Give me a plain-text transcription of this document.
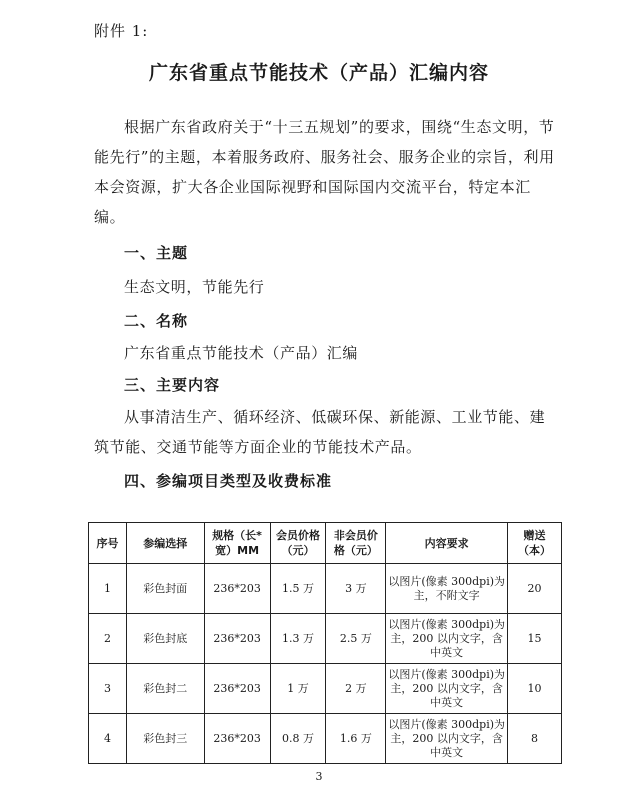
附件 1:
广东省重点节能技术（产品）汇编内容
根据广东省政府关于“十三五规划”的要求，围绕“生态文明，节能先行”的主题，本着服务政府、服务社会、服务企业的宗旨，利用本会资源，扩大各企业国际视野和国际国内交流平台，特定本汇编。
一、主题
生态文明，节能先行
二、名称
广东省重点节能技术（产品）汇编
三、主要内容
从事清洁生产、循环经济、低碳环保、新能源、工业节能、建筑节能、交通节能等方面企业的节能技术产品。
四、参编项目类型及收费标准
序号	参编选择	规格（长*宽）MM	会员价格（元）	非会员价格（元）	内容要求	赠送（本）
1	彩色封面	236*203	1.5 万	3 万	以图片(像素 300dpi)为主，不附文字	20
2	彩色封底	236*203	1.3 万	2.5 万	以图片(像素 300dpi)为主，200 以内文字，含中英文	15
3	彩色封二	236*203	1 万	2 万	以图片(像素 300dpi)为主，200 以内文字，含中英文	10
4	彩色封三	236*203	0.8 万	1.6 万	以图片(像素 300dpi)为主，200 以内文字，含中英文	8
3
